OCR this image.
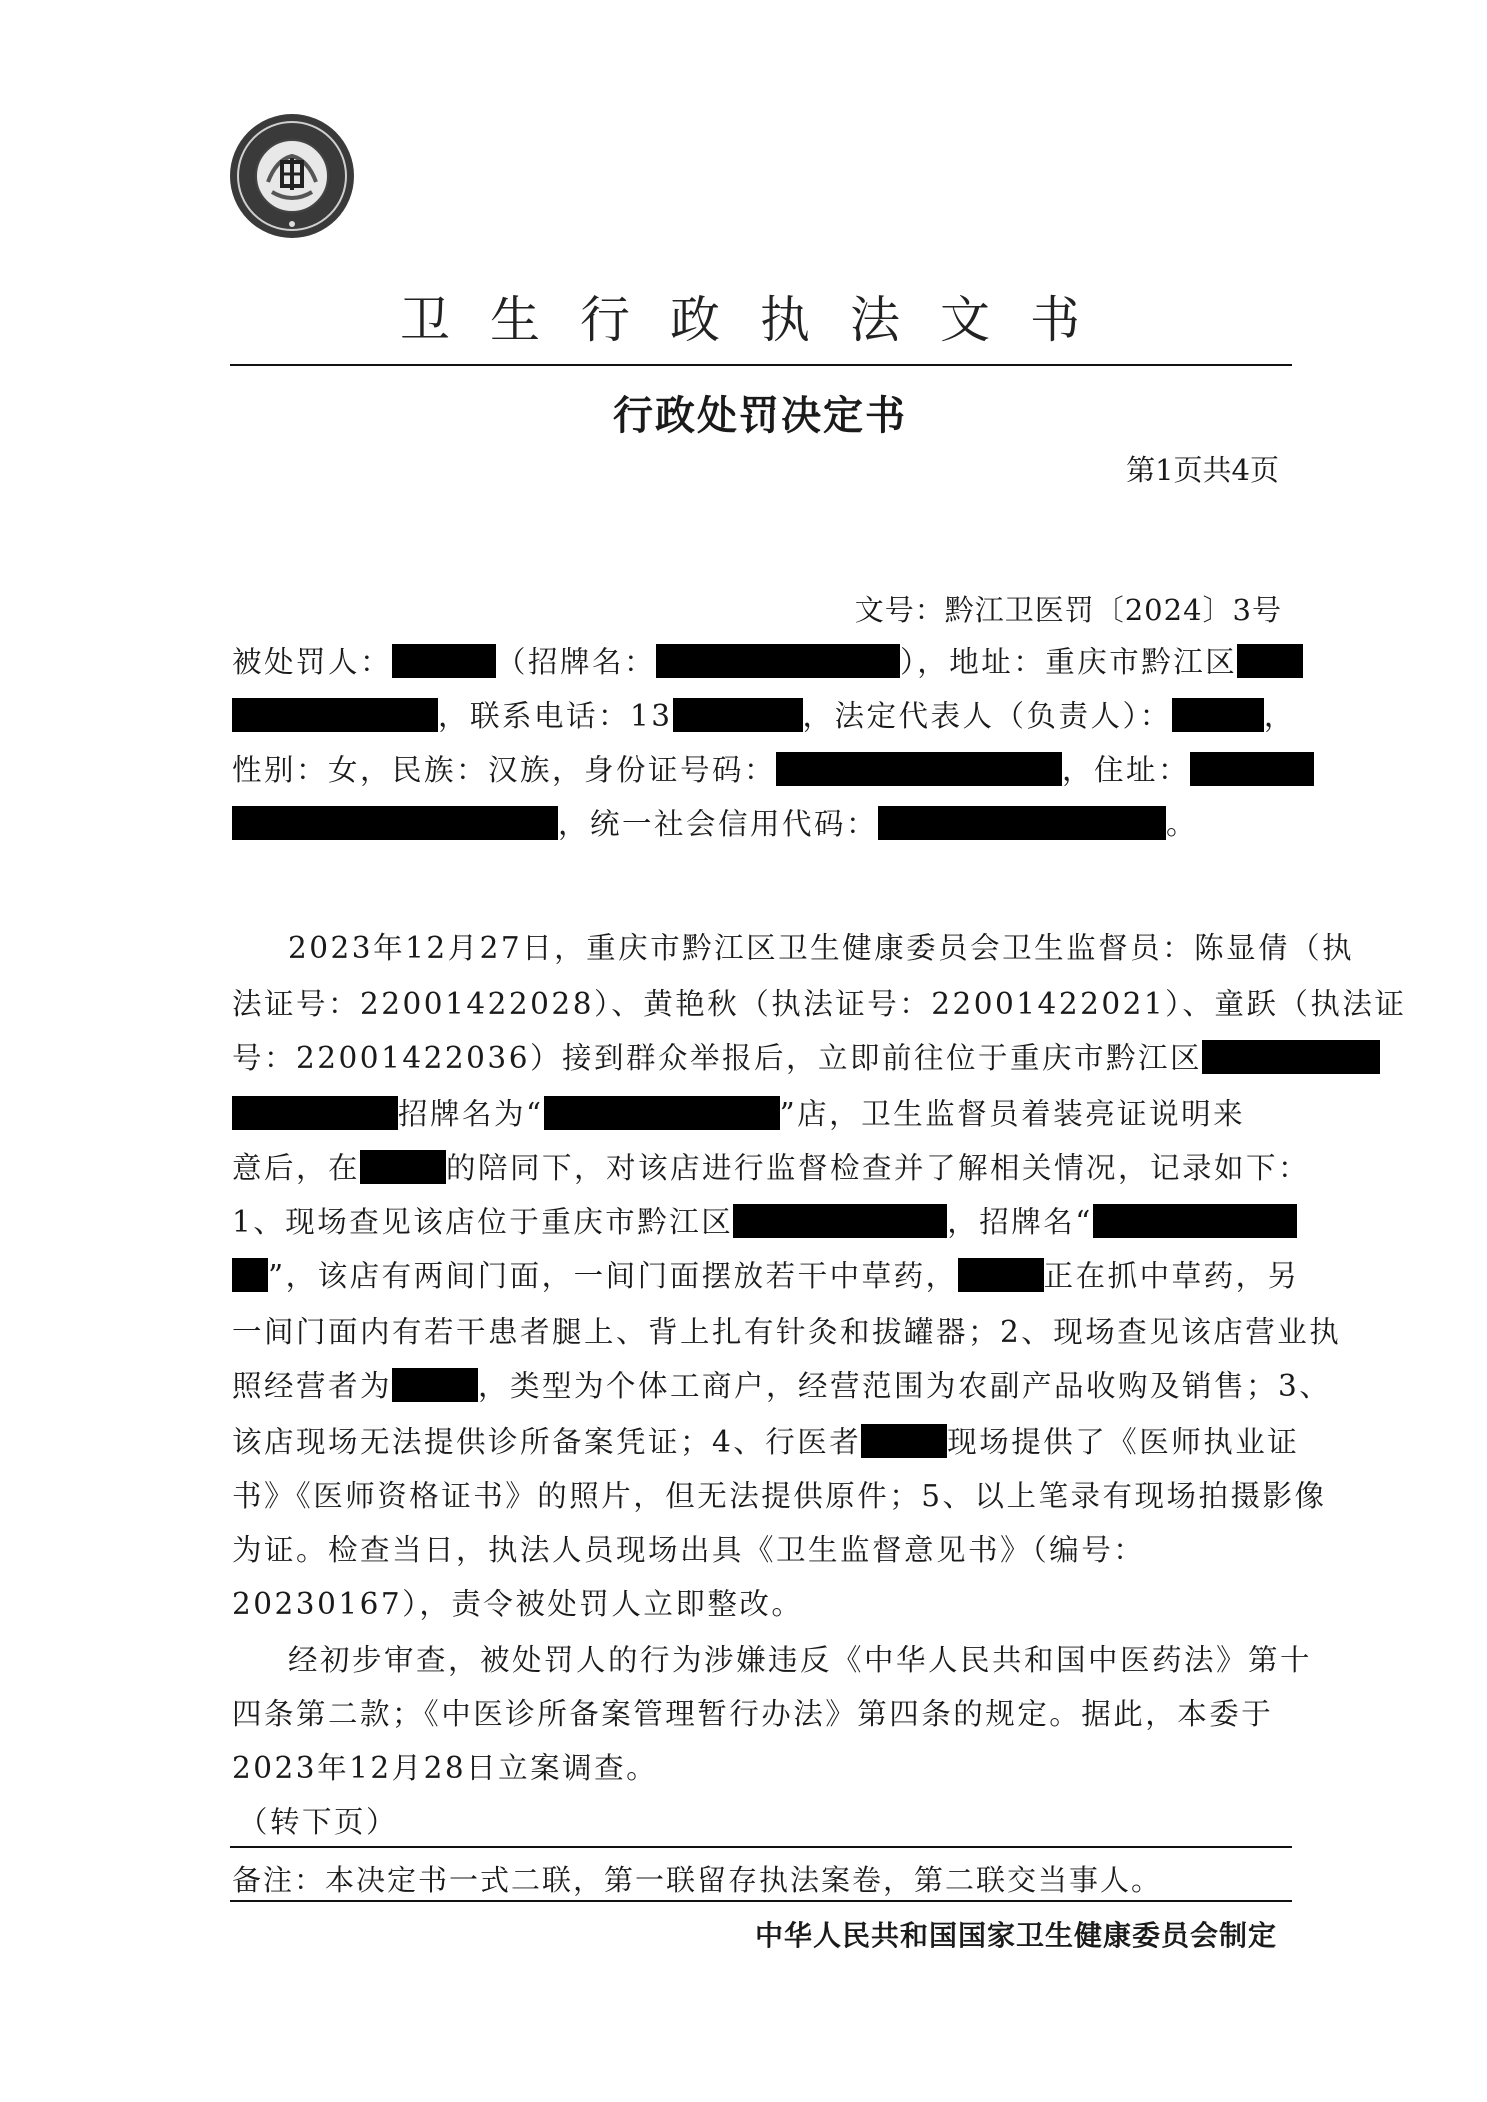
卫生行政执法文书
行政处罚决定书
第1页共4页
文号：黔江卫医罚〔2024〕3号
被处罚人：	（招牌名：	），地址：重庆市黔江区
，联系电话：13	，法定代表人（负责人）：	，
性别：女，民族：汉族，身份证号码：	，住址：
，统一社会信用代码：	。
2023年12月27日，重庆市黔江区卫生健康委员会卫生监督员：陈显倩（执
法证号：22001422028）、黄艳秋（执法证号：22001422021）、童跃（执法证
号：22001422036）接到群众举报后，立即前往位于重庆市黔江区
招牌名为“	”店，卫生监督员着装亮证说明来
意后，在	的陪同下，对该店进行监督检查并了解相关情况，记录如下：
1、现场查见该店位于重庆市黔江区	，招牌名“
”，该店有两间门面，一间门面摆放若干中草药，	正在抓中草药，另
一间门面内有若干患者腿上、背上扎有针灸和拔罐器；2、现场查见该店营业执
照经营者为	，类型为个体工商户，经营范围为农副产品收购及销售；3、
该店现场无法提供诊所备案凭证；4、行医者	现场提供了《医师执业证
书》《医师资格证书》的照片，但无法提供原件；5、以上笔录有现场拍摄影像
为证。检查当日，执法人员现场出具《卫生监督意见书》（编号：
20230167），责令被处罚人立即整改。
经初步审查，被处罚人的行为涉嫌违反《中华人民共和国中医药法》第十
四条第二款；《中医诊所备案管理暂行办法》第四条的规定。据此，本委于
2023年12月28日立案调查。
（转下页）
备注：本决定书一式二联，第一联留存执法案卷，第二联交当事人。
中华人民共和国国家卫生健康委员会制定
